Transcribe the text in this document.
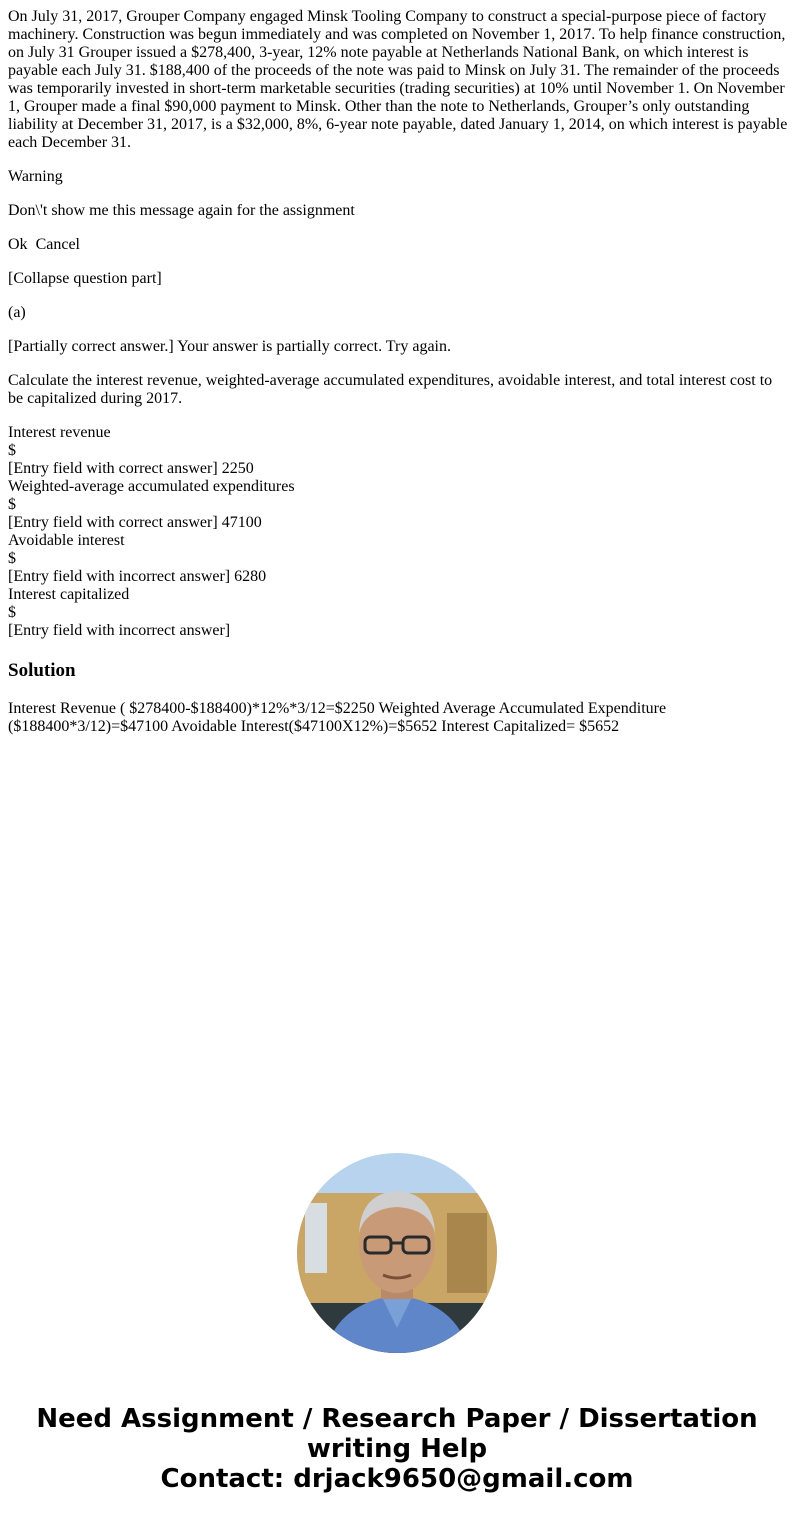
On July 31, 2017, Grouper Company engaged Minsk Tooling Company to construct a special-purpose piece of factory machinery. Construction was begun immediately and was completed on November 1, 2017. To help finance construction, on July 31 Grouper issued a $278,400, 3-year, 12% note payable at Netherlands National Bank, on which interest is payable each July 31. $188,400 of the proceeds of the note was paid to Minsk on July 31. The remainder of the proceeds was temporarily invested in short-term marketable securities (trading securities) at 10% until November 1. On November 1, Grouper made a final $90,000 payment to Minsk. Other than the note to Netherlands, Grouper’s only outstanding liability at December 31, 2017, is a $32,000, 8%, 6-year note payable, dated January 1, 2014, on which interest is payable each December 31.

Warning

Don\'t show me this message again for the assignment

Ok Cancel

[Collapse question part]

(a)

[Partially correct answer.] Your answer is partially correct. Try again.

Calculate the interest revenue, weighted-average accumulated expenditures, avoidable interest, and total interest cost to be capitalized during 2017.

Interest revenue
$
[Entry field with correct answer] 2250
Weighted-average accumulated expenditures
$
[Entry field with correct answer] 47100
Avoidable interest
$
[Entry field with incorrect answer] 6280
Interest capitalized
$
[Entry field with incorrect answer]
Solution

Interest Revenue ( $278400-$188400)*12%*3/12=$2250 Weighted Average Accumulated Expenditure ($188400*3/12)=$47100 Avoidable Interest($47100X12%)=$5652 Interest Capitalized= $5652

Need Assignment / Research Paper / Dissertation
writing Help
Contact: drjack9650@gmail.com
